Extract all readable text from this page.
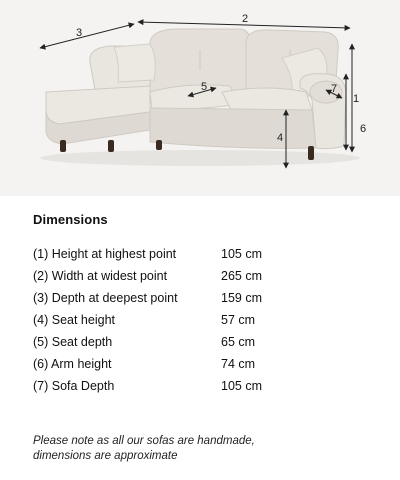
1
2
3
4
5
6
7
Dimensions
(1) Height at highest point	105 cm
(2) Width at widest point	265 cm
(3) Depth at deepest point	159 cm
(4) Seat height	57 cm
(5) Seat depth	65 cm
(6) Arm height	74 cm
(7) Sofa Depth	105 cm
Please note as all our sofas are handmade,
dimensions are approximate
